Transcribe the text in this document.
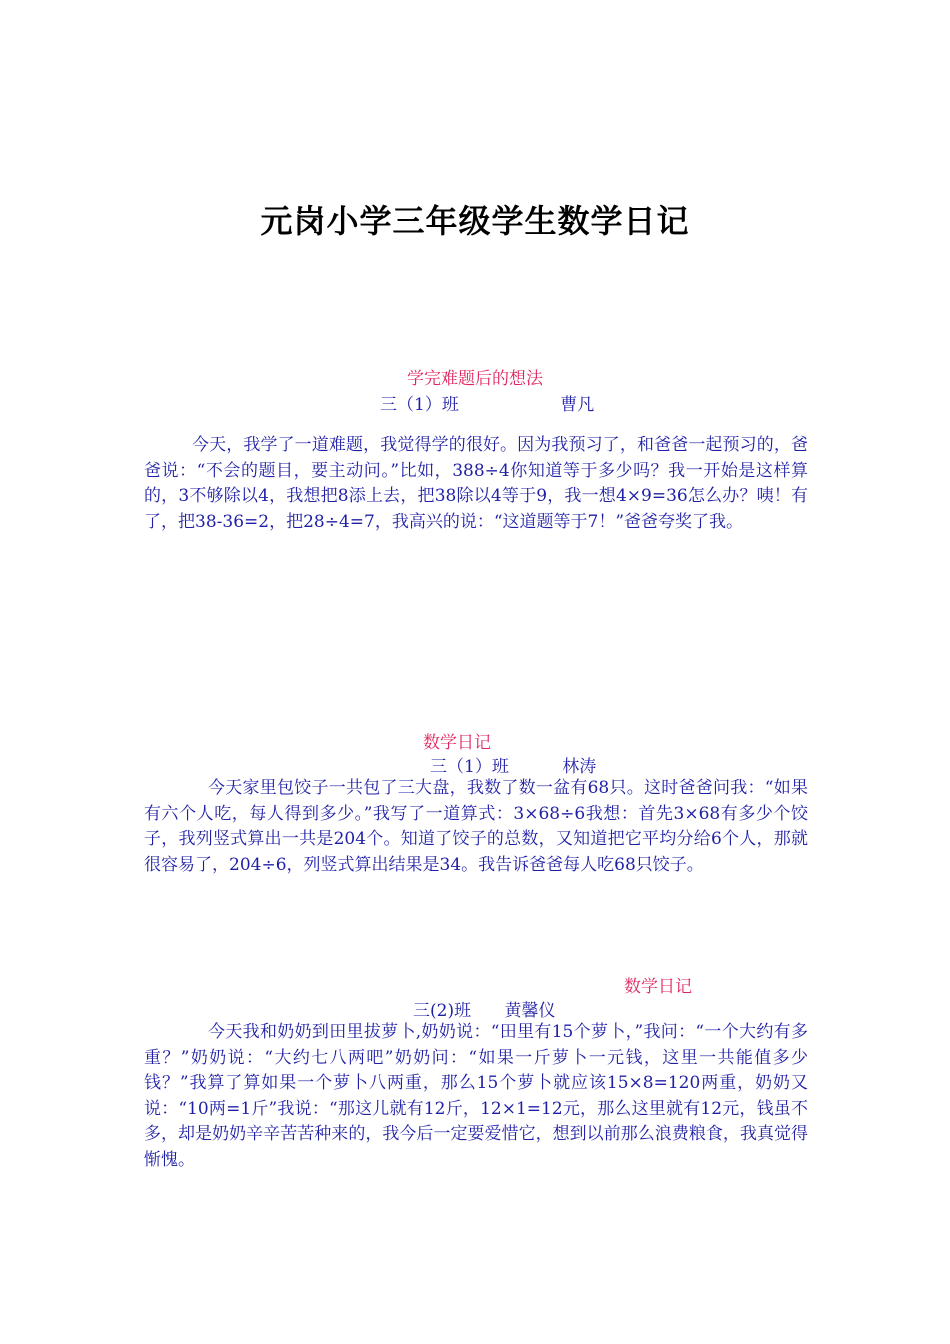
元岗小学三年级学生数学日记
学完难题后的想法
三（1）班	曹凡

今天，我学了一道难题，我觉得学的很好。因为我预习了，和爸爸一起预习的，爸爸说：“不会的题目，要主动问。”比如，388÷4你知道等于多少吗？我一开始是这样算的，3不够除以4，我想把8添上去，把38除以4等于9，我一想4×9=36怎么办？咦！有了，把38-36=2，把28÷4=7，我高兴的说：“这道题等于7！”爸爸夸奖了我。

数学日记
三（1）班	林涛

今天家里包饺子一共包了三大盘，我数了数一盆有68只。这时爸爸问我：“如果有六个人吃，每人得到多少。”我写了一道算式：3×68÷6我想：首先3×68有多少个饺子，我列竖式算出一共是204个。知道了饺子的总数，又知道把它平均分给6个人，那就很容易了，204÷6，列竖式算出结果是34。我告诉爸爸每人吃68只饺子。

数学日记
三(2)班 黄馨仪

今天我和奶奶到田里拔萝卜,奶奶说：“田里有15个萝卜，”我问：“一个大约有多重？”奶奶说：“大约七八两吧”奶奶问：“如果一斤萝卜一元钱，这里一共能值多少钱？”我算了算如果一个萝卜八两重，那么15个萝卜就应该15×8=120两重，奶奶又说：“10两=1斤”我说：“那这儿就有12斤，12×1=12元，那么这里就有12元，钱虽不多，却是奶奶辛辛苦苦种来的，我今后一定要爱惜它，想到以前那么浪费粮食，我真觉得惭愧。
